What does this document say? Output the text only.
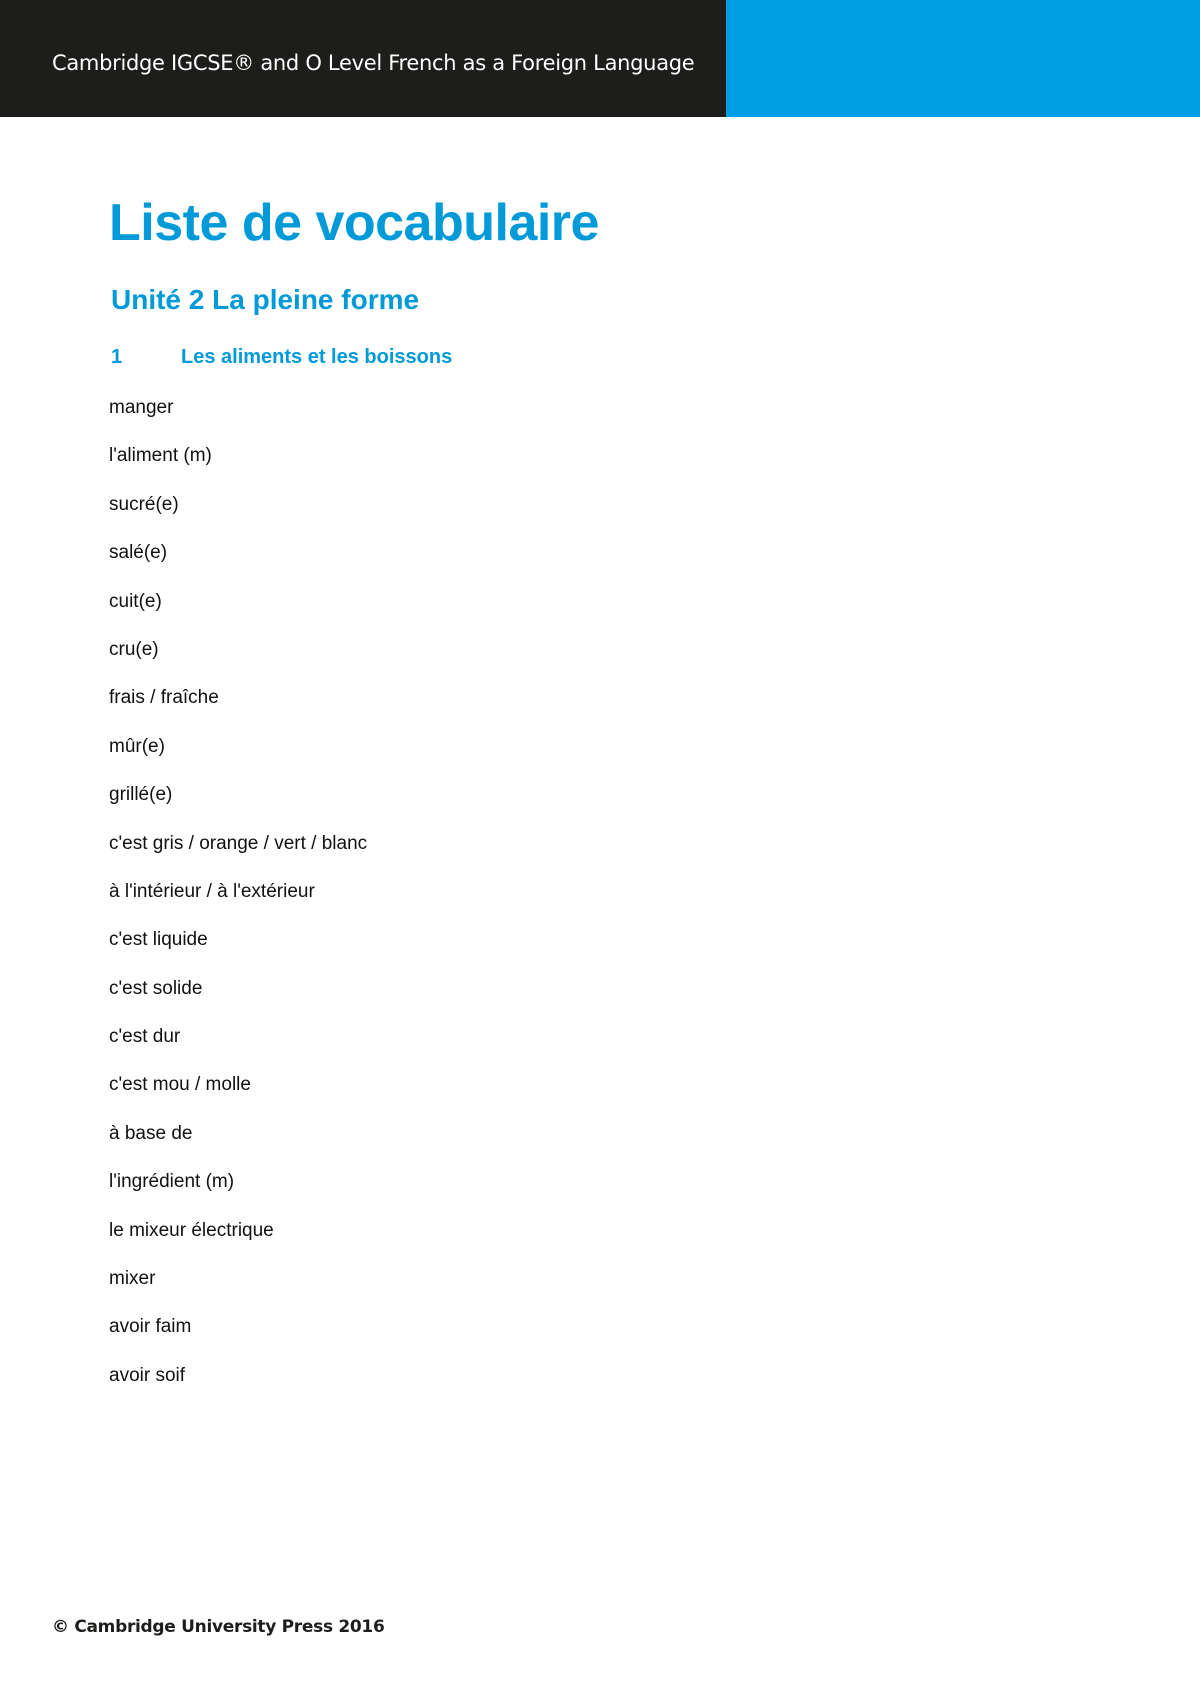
Cambridge IGCSE® and O Level French as a Foreign Language
Liste de vocabulaire
Unité 2 La pleine forme
1	Les aliments et les boissons
manger
l'aliment (m)
sucré(e)
salé(e)
cuit(e)
cru(e)
frais / fraîche
mûr(e)
grillé(e)
c'est gris / orange / vert / blanc
à l'intérieur / à l'extérieur
c'est liquide
c'est solide
c'est dur
c'est mou / molle
à base de
l'ingrédient (m)
le mixeur électrique
mixer
avoir faim
avoir soif
© Cambridge University Press 2016
